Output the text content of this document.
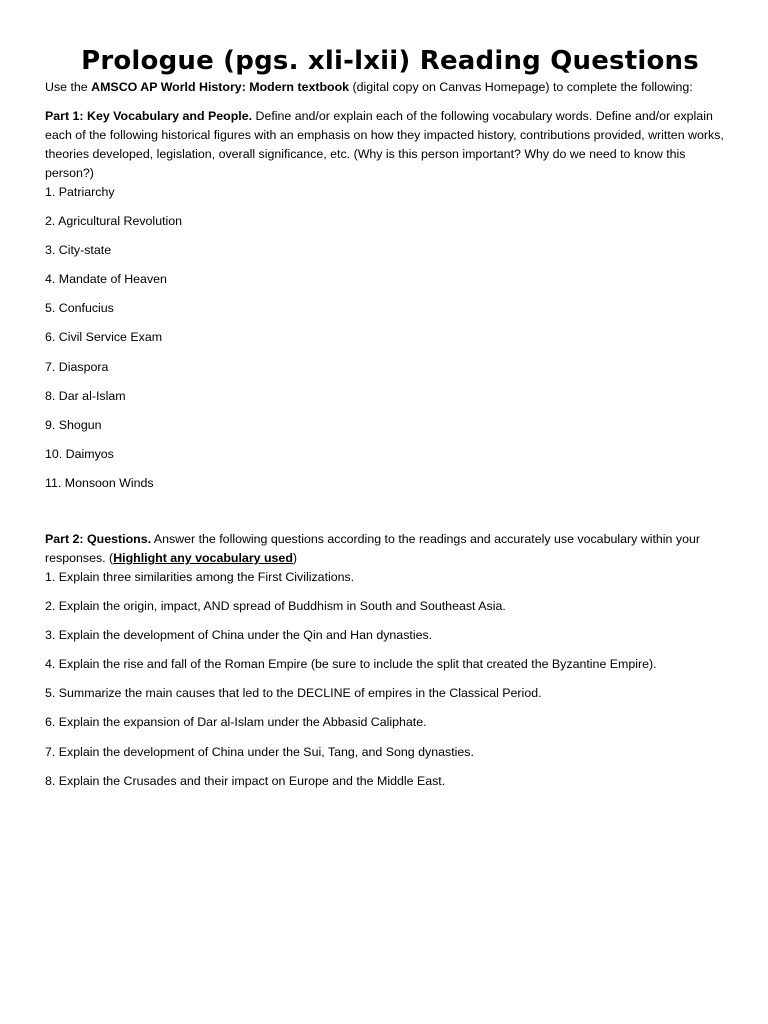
Prologue (pgs. xli-lxii) Reading Questions

Use the AMSCO AP World History: Modern textbook (digital copy on Canvas Homepage) to complete the following:

Part 1: Key Vocabulary and People. Define and/or explain each of the following vocabulary words. Define and/or explain each of the following historical figures with an emphasis on how they impacted history, contributions provided, written works, theories developed, legislation, overall significance, etc. (Why is this person important? Why do we need to know this person?)

1. Patriarchy
2. Agricultural Revolution
3. City-state
4. Mandate of Heaven
5. Confucius
6. Civil Service Exam
7. Diaspora
8. Dar al-Islam
9. Shogun
10. Daimyos
11. Monsoon Winds

Part 2: Questions. Answer the following questions according to the readings and accurately use vocabulary within your responses. (Highlight any vocabulary used)

1. Explain three similarities among the First Civilizations.
2. Explain the origin, impact, AND spread of Buddhism in South and Southeast Asia.
3. Explain the development of China under the Qin and Han dynasties.
4. Explain the rise and fall of the Roman Empire (be sure to include the split that created the Byzantine Empire).
5. Summarize the main causes that led to the DECLINE of empires in the Classical Period.
6. Explain the expansion of Dar al-Islam under the Abbasid Caliphate.
7. Explain the development of China under the Sui, Tang, and Song dynasties.
8. Explain the Crusades and their impact on Europe and the Middle East.
